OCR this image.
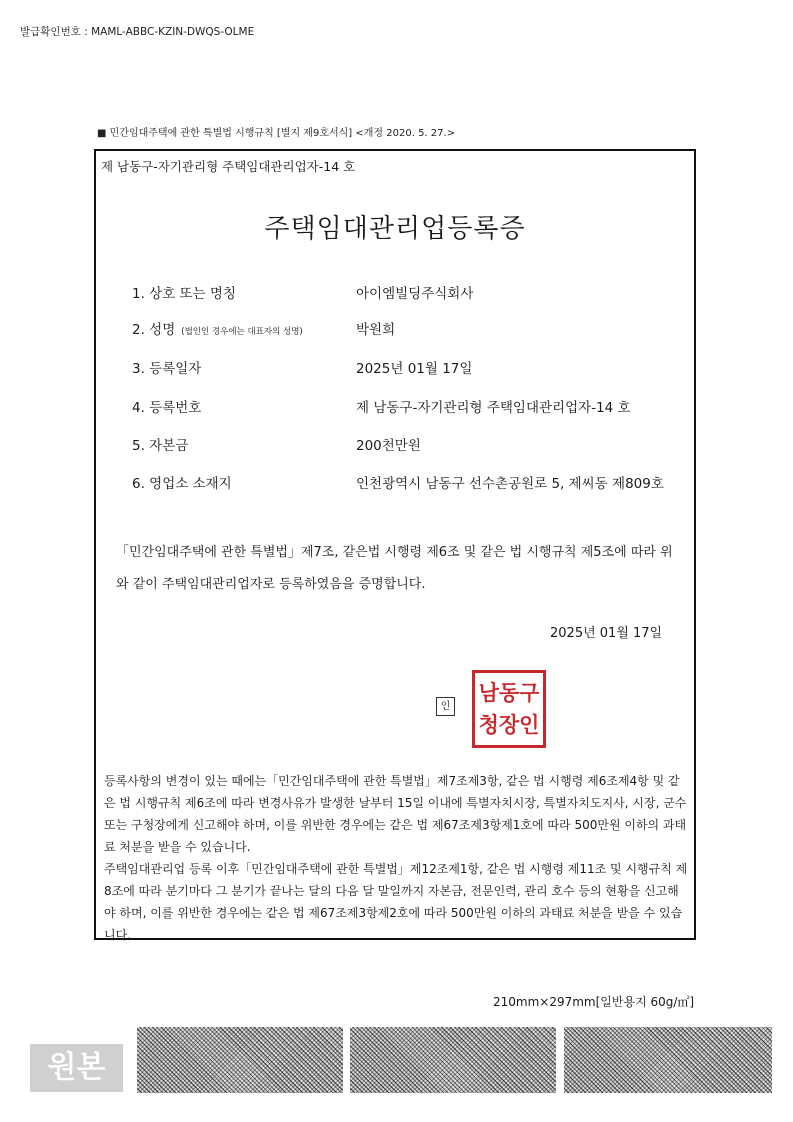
발급확인번호 : MAML-ABBC-KZIN-DWQS-OLME
■ 민간임대주택에 관한 특별법 시행규칙 [별지 제9호서식] <개정 2020. 5. 27.>
제 남동구-자기관리형 주택임대관리업자-14 호
주택임대관리업등록증
1. 상호 또는 명칭	아이엠빌딩주식회사
2. 성명 (법인인 경우에는 대표자의 성명)	박원희
3. 등록일자	2025년 01월 17일
4. 등록번호	제 남동구-자기관리형 주택임대관리업자-14 호
5. 자본금	200천만원
6. 영업소 소재지	인천광역시 남동구 선수촌공원로 5, 제씨동 제809호
「민간임대주택에 관한 특별법」제7조, 같은법 시행령 제6조 및 같은 법 시행규칙 제5조에 따라 위와 같이 주택임대관리업자로 등록하였음을 증명합니다.
2025년 01월 17일
인
남동구
청장인
등록사항의 변경이 있는 때에는「민간임대주택에 관한 특별법」제7조제3항, 같은 법 시행령 제6조제4항 및 같은 법 시행규칙 제6조에 따라 변경사유가 발생한 날부터 15일 이내에 특별자치시장, 특별자치도지사, 시장, 군수 또는 구청장에게 신고해야 하며, 이를 위반한 경우에는 같은 법 제67조제3항제1호에 따라 500만원 이하의 과태료 처분을 받을 수 있습니다.
주택임대관리업 등록 이후「민간임대주택에 관한 특별법」제12조제1항, 같은 법 시행령 제11조 및 시행규칙 제8조에 따라 분기마다 그 분기가 끝나는 달의 다음 달 말일까지 자본금, 전문인력, 관리 호수 등의 현황을 신고해야 하며, 이를 위반한 경우에는 같은 법 제67조제3항제2호에 따라 500만원 이하의 과태료 처분을 받을 수 있습니다.
210mm×297mm[일반용지 60g/㎡]
원본
